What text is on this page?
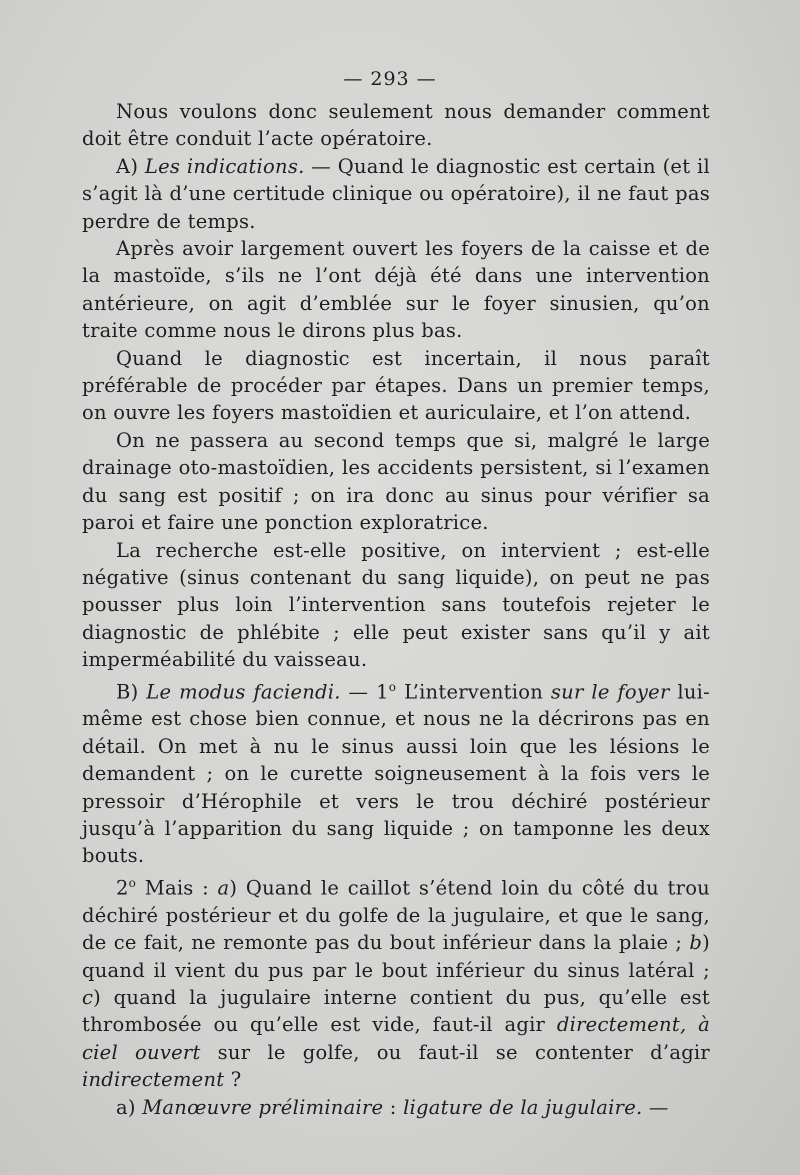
— 293 —

Nous voulons donc seulement nous demander comment doit être conduit l’acte opératoire.

A) Les indications. — Quand le diagnostic est certain (et il s’agit là d’une certitude clinique ou opératoire), il ne faut pas perdre de temps.

Après avoir largement ouvert les foyers de la caisse et de la mastoïde, s’ils ne l’ont déjà été dans une intervention antérieure, on agit d’emblée sur le foyer sinusien, qu’on traite comme nous le dirons plus bas.

Quand le diagnostic est incertain, il nous paraît préférable de procéder par étapes. Dans un premier temps, on ouvre les foyers mastoïdien et auriculaire, et l’on attend.

On ne passera au second temps que si, malgré le large drainage oto-mastoïdien, les accidents persistent, si l’examen du sang est positif ; on ira donc au sinus pour vérifier sa paroi et faire une ponction exploratrice.

La recherche est-elle positive, on intervient ; est-elle négative (sinus contenant du sang liquide), on peut ne pas pousser plus loin l’intervention sans toutefois rejeter le diagnostic de phlébite ; elle peut exister sans qu’il y ait imperméabilité du vaisseau.

B) Le modus faciendi. — 1$^o$ L’intervention sur le foyer lui-même est chose bien connue, et nous ne la décrirons pas en détail. On met à nu le sinus aussi loin que les lésions le demandent ; on le curette soigneusement à la fois vers le pressoir d’Hérophile et vers le trou déchiré postérieur jusqu’à l’apparition du sang liquide ; on tamponne les deux bouts.

2$^o$ Mais : a) Quand le caillot s’étend loin du côté du trou déchiré postérieur et du golfe de la jugulaire, et que le sang, de ce fait, ne remonte pas du bout inférieur dans la plaie ; b) quand il vient du pus par le bout inférieur du sinus latéral ; c) quand la jugulaire interne contient du pus, qu’elle est thrombosée ou qu’elle est vide, faut-il agir directement, à ciel ouvert sur le golfe, ou faut-il se contenter d’agir indirectement ?

a) Manœuvre préliminaire : ligature de la jugulaire. —
